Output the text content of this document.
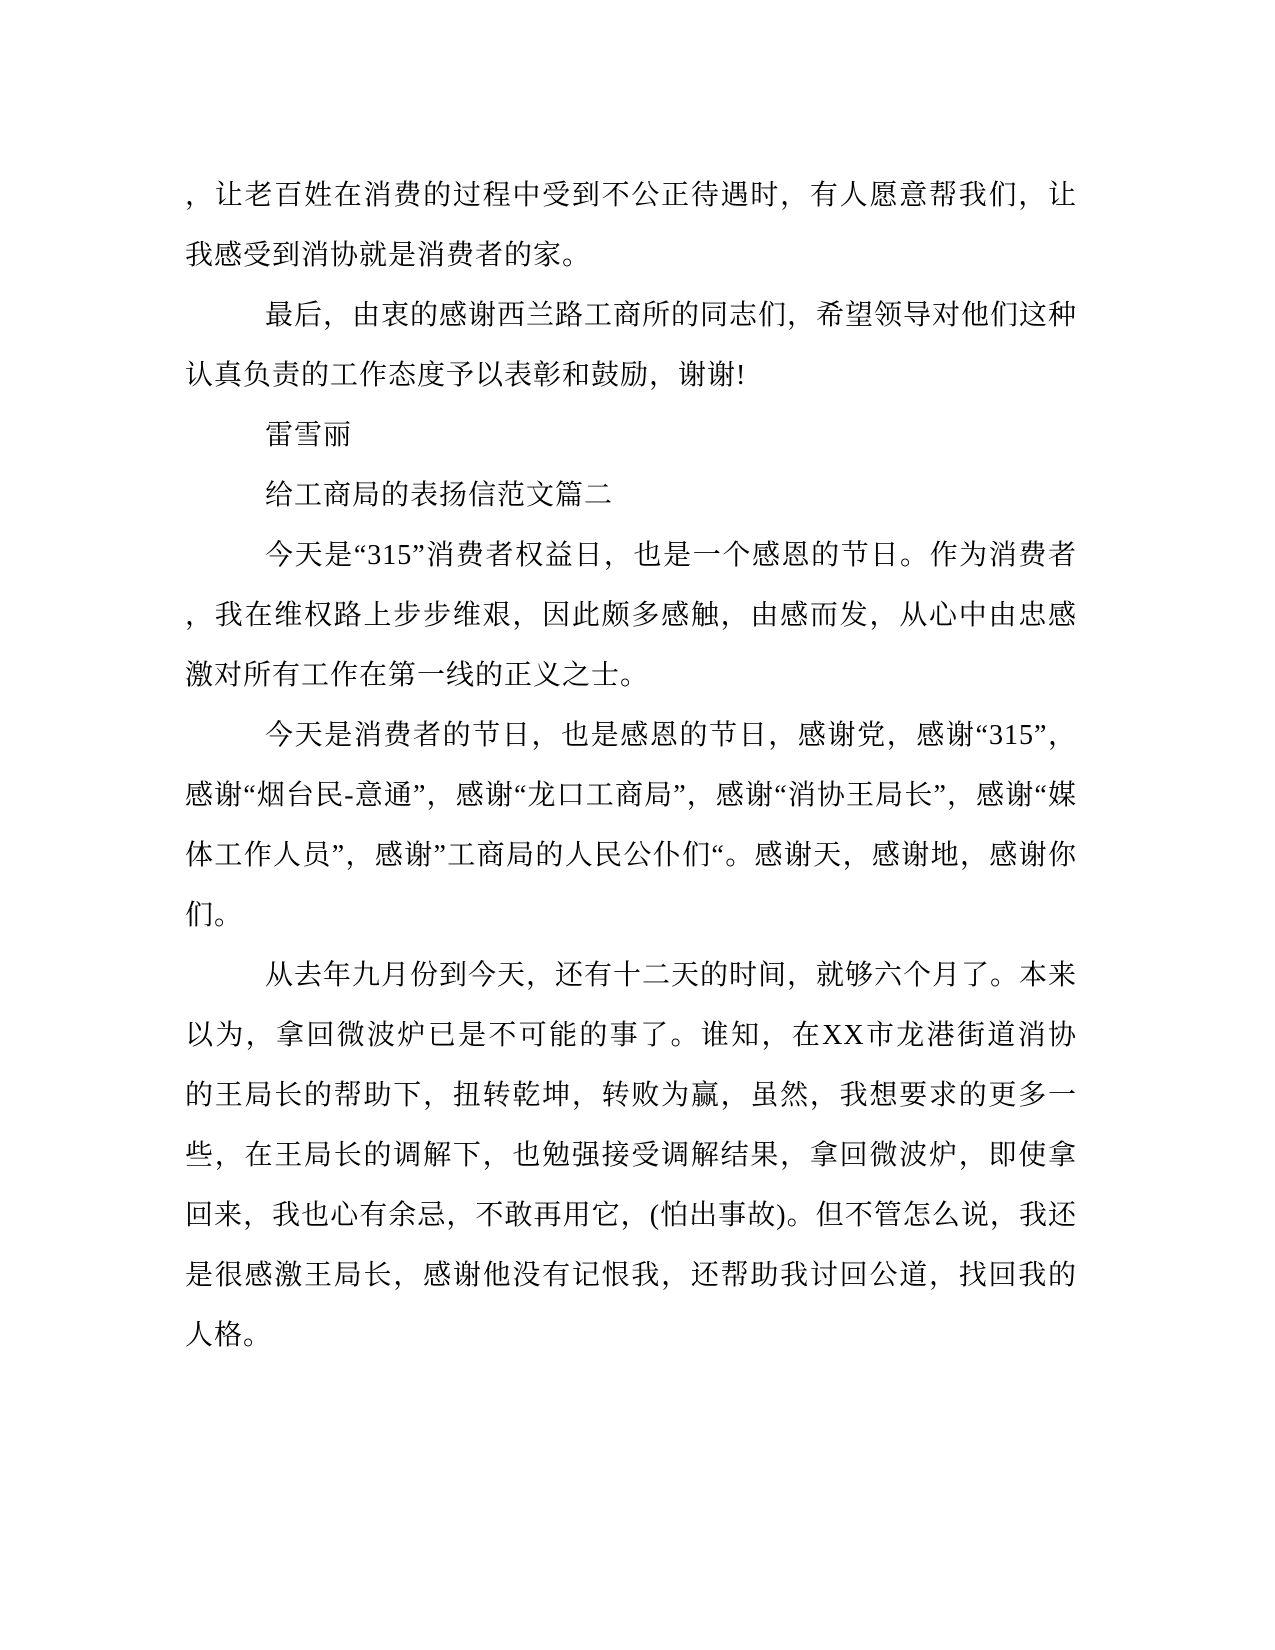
，让老百姓在消费的过程中受到不公正待遇时，有人愿意帮我们，让
我感受到消协就是消费者的家。
最后，由衷的感谢西兰路工商所的同志们，希望领导对他们这种
认真负责的工作态度予以表彰和鼓励，谢谢!
雷雪丽
给工商局的表扬信范文篇二
今天是“315”消费者权益日，也是一个感恩的节日。作为消费者
，我在维权路上步步维艰，因此颇多感触，由感而发，从心中由忠感
激对所有工作在第一线的正义之士。
今天是消费者的节日，也是感恩的节日，感谢党，感谢“315”，
感谢“烟台民-意通”，感谢“龙口工商局”，感谢“消协王局长”，感谢“媒
体工作人员”，感谢”工商局的人民公仆们“。感谢天，感谢地，感谢你
们。
从去年九月份到今天，还有十二天的时间，就够六个月了。本来
以为，拿回微波炉已是不可能的事了。谁知，在XX市龙港街道消协
的王局长的帮助下，扭转乾坤，转败为赢，虽然，我想要求的更多一
些，在王局长的调解下，也勉强接受调解结果，拿回微波炉，即使拿
回来，我也心有余忌，不敢再用它，(怕出事故)。但不管怎么说，我还
是很感激王局长，感谢他没有记恨我，还帮助我讨回公道，找回我的
人格。
